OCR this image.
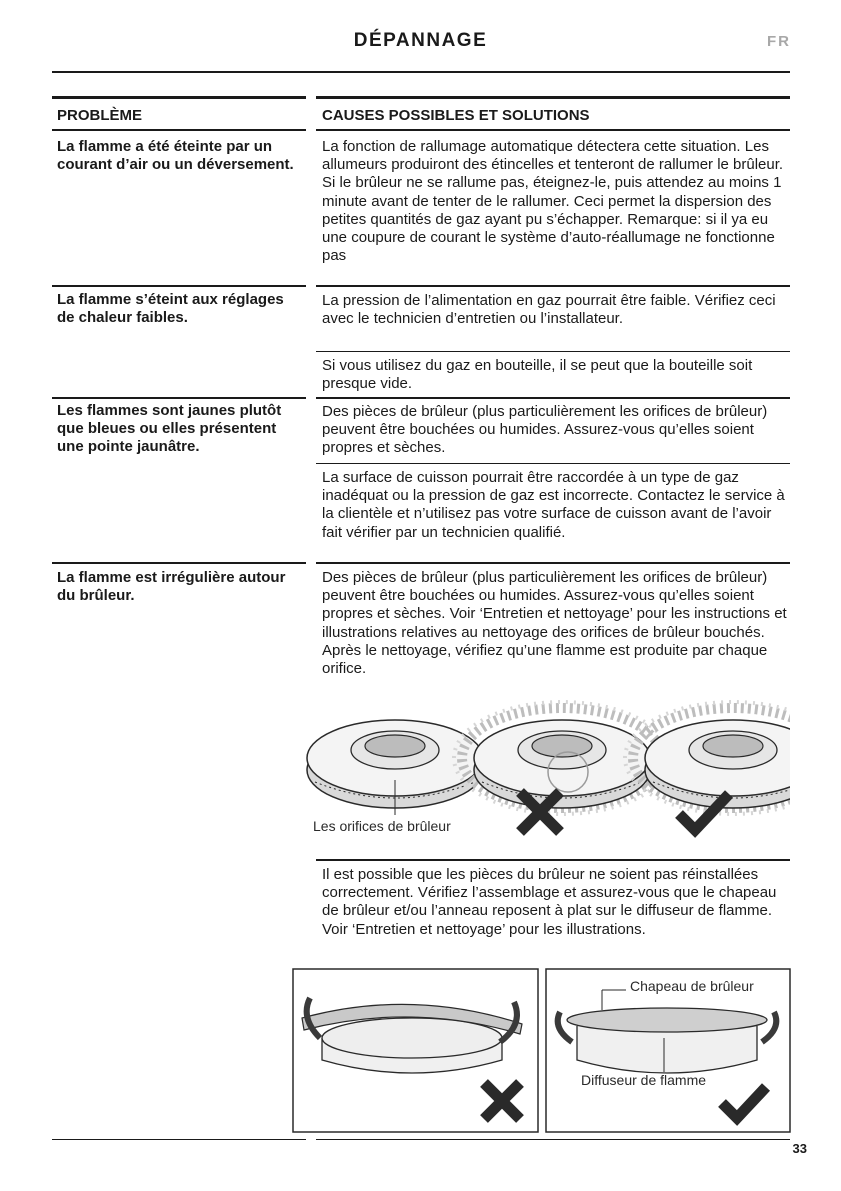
DÉPANNAGE	FR
PROBLÈME	CAUSES POSSIBLES ET SOLUTIONS
La flamme a été éteinte par un courant d’air ou un déversement.
La fonction de rallumage automatique détectera cette situation. Les allumeurs produiront des étincelles et tenteront de rallumer le brûleur. Si le brûleur ne se rallume pas, éteignez-le, puis attendez au moins 1 minute avant de tenter de le rallumer. Ceci permet la dispersion des petites quantités de gaz ayant pu s’échapper. Remarque: si il ya eu une coupure de courant le système d’auto-réallumage ne fonctionne pas
La flamme s’éteint aux réglages de chaleur faibles.
La pression de l’alimentation en gaz pourrait être faible. Vérifiez ceci avec le technicien d’entretien ou l’installateur.
Si vous utilisez du gaz en bouteille, il se peut que la bouteille soit presque vide.
Les flammes sont jaunes plutôt que bleues ou elles présentent une pointe jaunâtre.
Des pièces de brûleur (plus particulièrement les orifices de brûleur) peuvent être bouchées ou humides. Assurez-vous qu’elles soient propres et sèches.
La surface de cuisson pourrait être raccordée à un type de gaz inadéquat ou la pression de gaz est incorrecte. Contactez le service à la clientèle et n’utilisez pas votre surface de cuisson avant de l’avoir fait vérifier par un technicien qualifié.
La flamme est irrégulière autour du brûleur.
Des pièces de brûleur (plus particulièrement les orifices de brûleur) peuvent être bouchées ou humides. Assurez-vous qu’elles soient propres et sèches. Voir ‘Entretien et nettoyage’ pour les instructions et illustrations relatives au nettoyage des orifices de brûleur bouchés. Après le nettoyage, vérifiez qu’une flamme est produite par chaque orifice.
Les orifices de brûleur
Il est possible que les pièces du brûleur ne soient pas réinstallées correctement. Vérifiez l’assemblage et assurez-vous que le chapeau de brûleur et/ou l’anneau reposent à plat sur le diffuseur de flamme. Voir ‘Entretien et nettoyage’ pour les illustrations.
Chapeau de brûleur
Diffuseur de flamme
33
